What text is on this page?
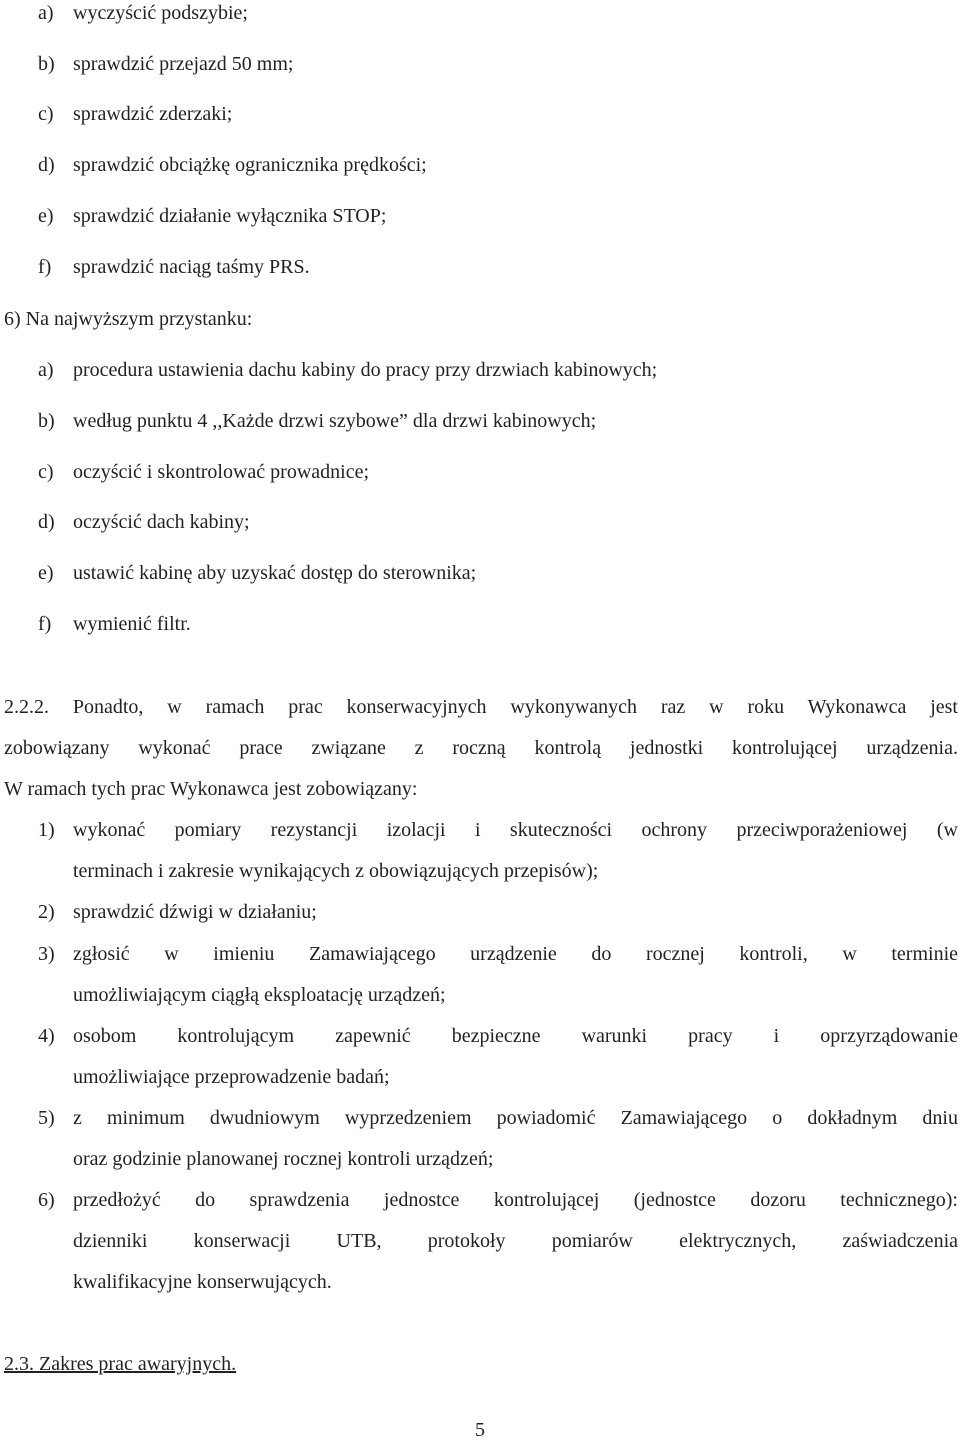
a) wyczyścić podszybie;
b) sprawdzić przejazd 50 mm;
c) sprawdzić zderzaki;
d) sprawdzić obciążkę ogranicznika prędkości;
e) sprawdzić działanie wyłącznika STOP;
f) sprawdzić naciąg taśmy PRS.
6) Na najwyższym przystanku:
a) procedura ustawienia dachu kabiny do pracy przy drzwiach kabinowych;
b) według punktu 4 ,,Każde drzwi szybowe” dla drzwi kabinowych;
c) oczyścić i skontrolować prowadnice;
d) oczyścić dach kabiny;
e) ustawić kabinę aby uzyskać dostęp do sterownika;
f) wymienić filtr.
2.2.2. Ponadto, w ramach prac konserwacyjnych wykonywanych raz w roku Wykonawca jest
zobowiązany wykonać prace związane z roczną kontrolą jednostki kontrolującej urządzenia.
W ramach tych prac Wykonawca jest zobowiązany:
1) wykonać pomiary rezystancji izolacji i skuteczności ochrony przeciwporażeniowej (w
terminach i zakresie wynikających z obowiązujących przepisów);
2) sprawdzić dźwigi w działaniu;
3) zgłosić w imieniu Zamawiającego urządzenie do rocznej kontroli, w terminie
umożliwiającym ciągłą eksploatację urządzeń;
4) osobom kontrolującym zapewnić bezpieczne warunki pracy i oprzyrządowanie
umożliwiające przeprowadzenie badań;
5) z minimum dwudniowym wyprzedzeniem powiadomić Zamawiającego o dokładnym dniu
oraz godzinie planowanej rocznej kontroli urządzeń;
6) przedłożyć do sprawdzenia jednostce kontrolującej (jednostce dozoru technicznego):
dzienniki konserwacji UTB, protokoły pomiarów elektrycznych, zaświadczenia
kwalifikacyjne konserwujących.
2.3. Zakres prac awaryjnych.
5
